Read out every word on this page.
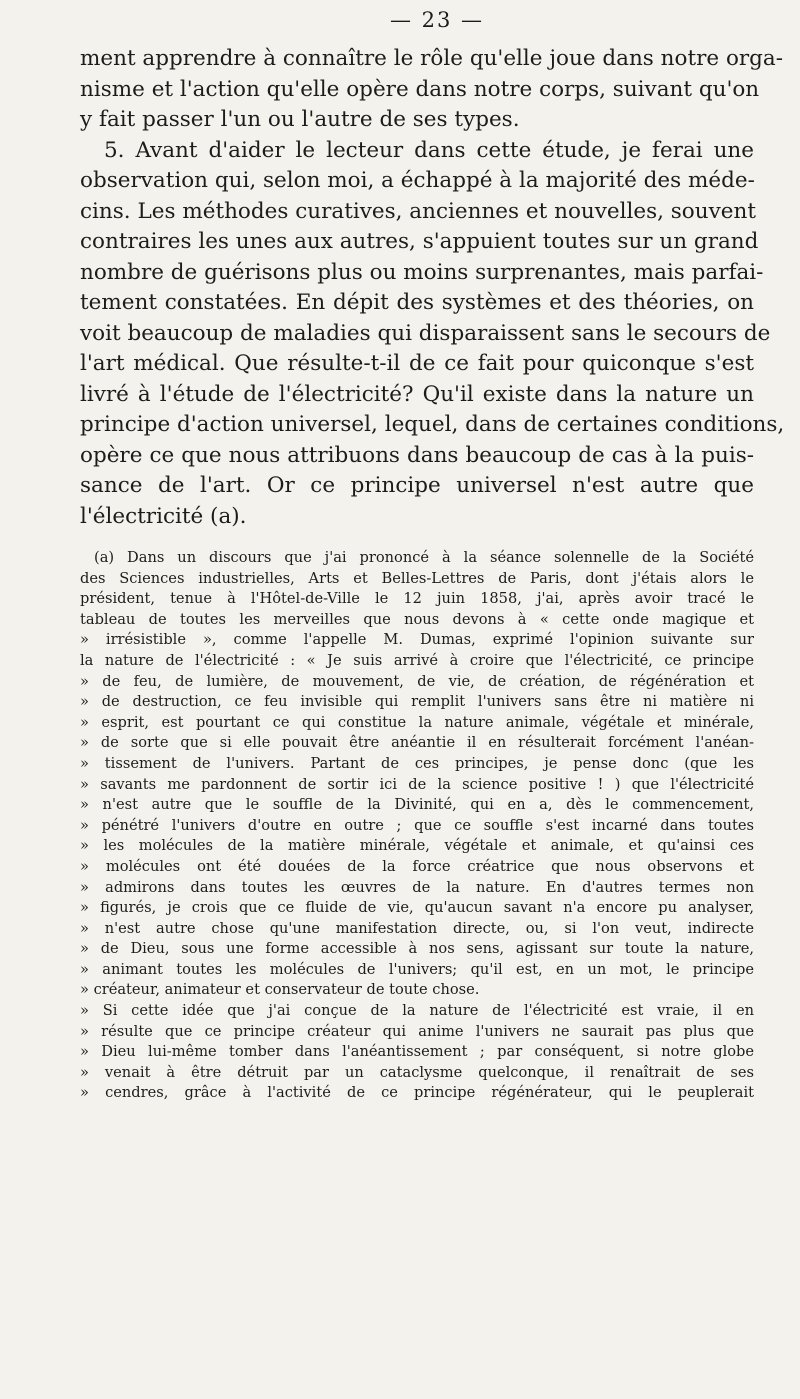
— 23 —

ment apprendre à connaître le rôle qu'elle joue dans notre orga-
nisme et l'action qu'elle opère dans notre corps, suivant qu'on
y fait passer l'un ou l'autre de ses types.
5. Avant d'aider le lecteur dans cette étude, je ferai une
observation qui, selon moi, a échappé à la majorité des méde-
cins. Les méthodes curatives, anciennes et nouvelles, souvent
contraires les unes aux autres, s'appuient toutes sur un grand
nombre de guérisons plus ou moins surprenantes, mais parfai-
tement constatées. En dépit des systèmes et des théories, on
voit beaucoup de maladies qui disparaissent sans le secours de
l'art médical. Que résulte-t-il de ce fait pour quiconque s'est
livré à l'étude de l'électricité? Qu'il existe dans la nature un
principe d'action universel, lequel, dans de certaines conditions,
opère ce que nous attribuons dans beaucoup de cas à la puis-
sance de l'art. Or ce principe universel n'est autre que
l'électricité (a).

(a) Dans un discours que j'ai prononcé à la séance solennelle de la Société
des Sciences industrielles, Arts et Belles-Lettres de Paris, dont j'étais alors le
président, tenue à l'Hôtel-de-Ville le 12 juin 1858, j'ai, après avoir tracé le
tableau de toutes les merveilles que nous devons à « cette onde magique et
» irrésistible », comme l'appelle M. Dumas, exprimé l'opinion suivante sur
la nature de l'électricité : « Je suis arrivé à croire que l'électricité, ce principe
» de feu, de lumière, de mouvement, de vie, de création, de régénération et
» de destruction, ce feu invisible qui remplit l'univers sans être ni matière ni
» esprit, est pourtant ce qui constitue la nature animale, végétale et minérale,
» de sorte que si elle pouvait être anéantie il en résulterait forcément l'anéan-
» tissement de l'univers. Partant de ces principes, je pense donc (que les
» savants me pardonnent de sortir ici de la science positive ! ) que l'électricité
» n'est autre que le souffle de la Divinité, qui en a, dès le commencement,
» pénétré l'univers d'outre en outre ; que ce souffle s'est incarné dans toutes
» les molécules de la matière minérale, végétale et animale, et qu'ainsi ces
» molécules ont été douées de la force créatrice que nous observons et
» admirons dans toutes les œuvres de la nature. En d'autres termes non
» figurés, je crois que ce fluide de vie, qu'aucun savant n'a encore pu analyser,
» n'est autre chose qu'une manifestation directe, ou, si l'on veut, indirecte
» de Dieu, sous une forme accessible à nos sens, agissant sur toute la nature,
» animant toutes les molécules de l'univers; qu'il est, en un mot, le principe
» créateur, animateur et conservateur de toute chose.
» Si cette idée que j'ai conçue de la nature de l'électricité est vraie, il en
» résulte que ce principe créateur qui anime l'univers ne saurait pas plus que
» Dieu lui-même tomber dans l'anéantissement ; par conséquent, si notre globe
» venait à être détruit par un cataclysme quelconque, il renaîtrait de ses
» cendres, grâce à l'activité de ce principe régénérateur, qui le peuplerait
